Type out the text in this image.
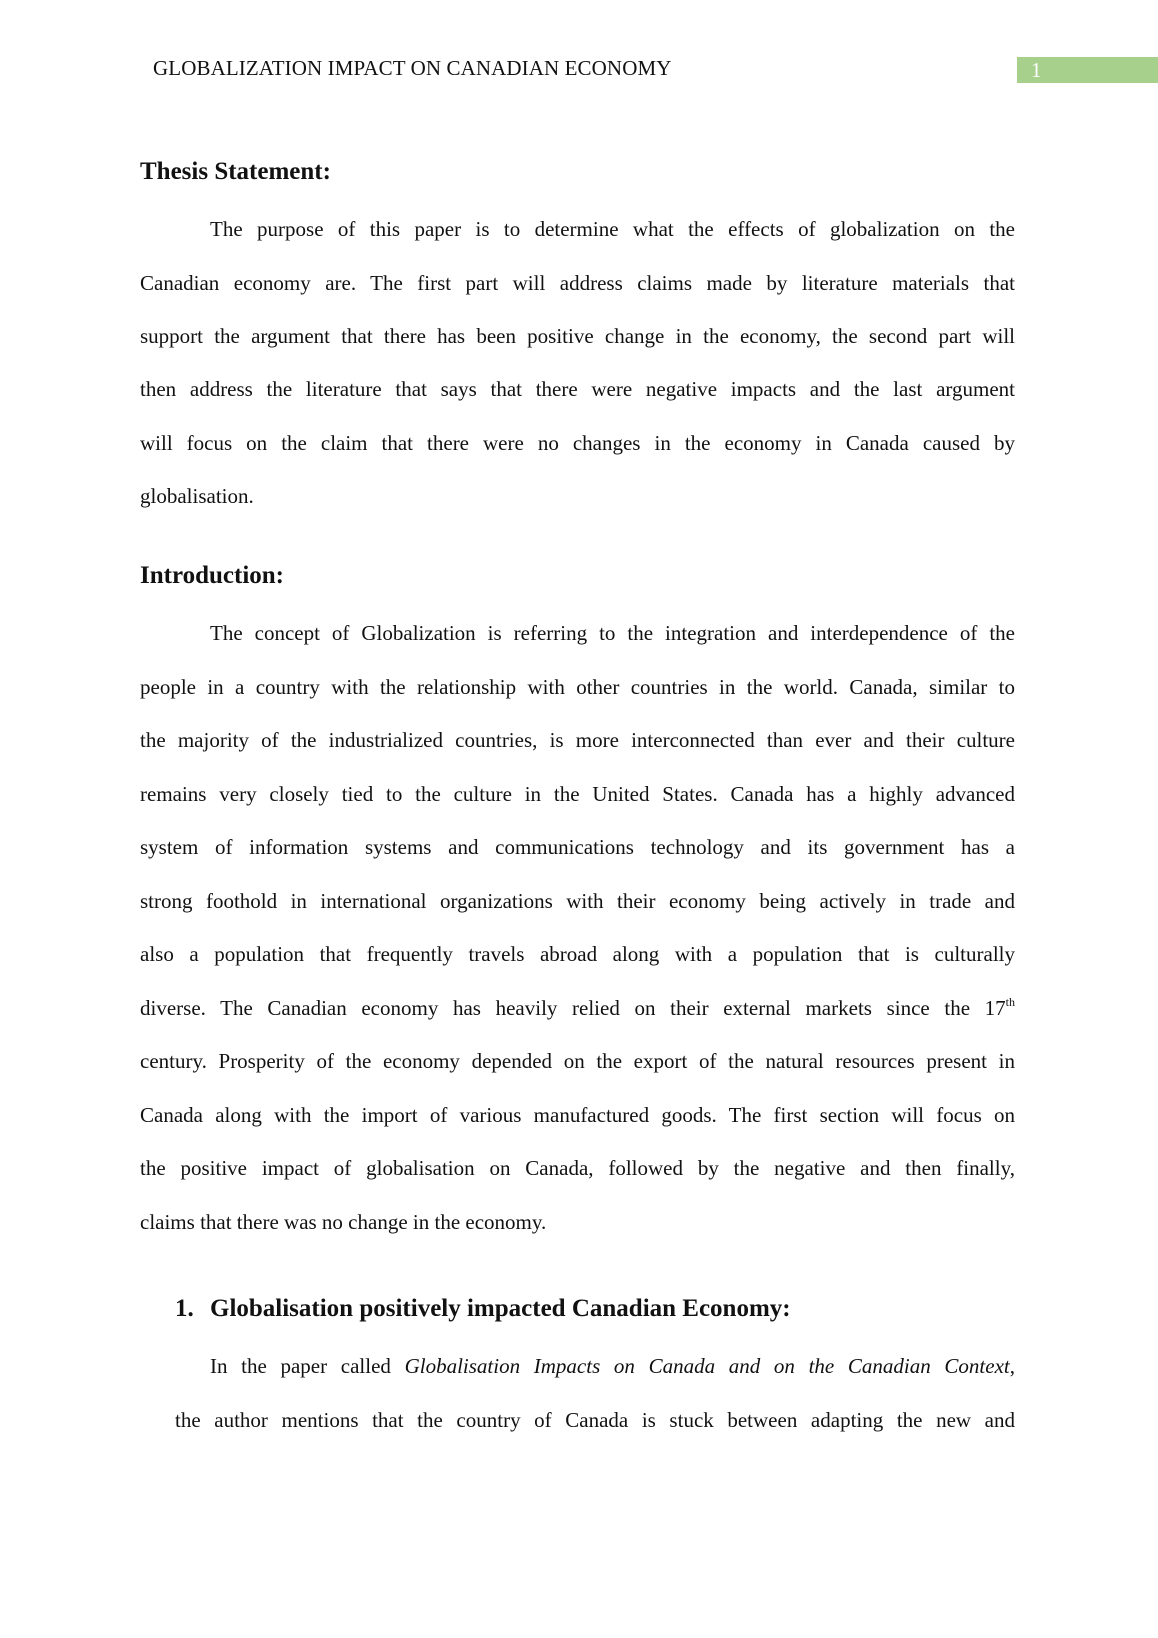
GLOBALIZATION IMPACT ON CANADIAN ECONOMY	1
Thesis Statement:
The purpose of this paper is to determine what the effects of globalization on the
Canadian economy are. The first part will address claims made by literature materials that
support the argument that there has been positive change in the economy, the second part will
then address the literature that says that there were negative impacts and the last argument
will focus on the claim that there were no changes in the economy in Canada caused by
globalisation.
Introduction:
The concept of Globalization is referring to the integration and interdependence of the
people in a country with the relationship with other countries in the world. Canada, similar to
the majority of the industrialized countries, is more interconnected than ever and their culture
remains very closely tied to the culture in the United States. Canada has a highly advanced
system of information systems and communications technology and its government has a
strong foothold in international organizations with their economy being actively in trade and
also a population that frequently travels abroad along with a population that is culturally
diverse. The Canadian economy has heavily relied on their external markets since the 17th
century. Prosperity of the economy depended on the export of the natural resources present in
Canada along with the import of various manufactured goods. The first section will focus on
the positive impact of globalisation on Canada, followed by the negative and then finally,
claims that there was no change in the economy.
1. Globalisation positively impacted Canadian Economy:
In the paper called Globalisation Impacts on Canada and on the Canadian Context,
the author mentions that the country of Canada is stuck between adapting the new and
